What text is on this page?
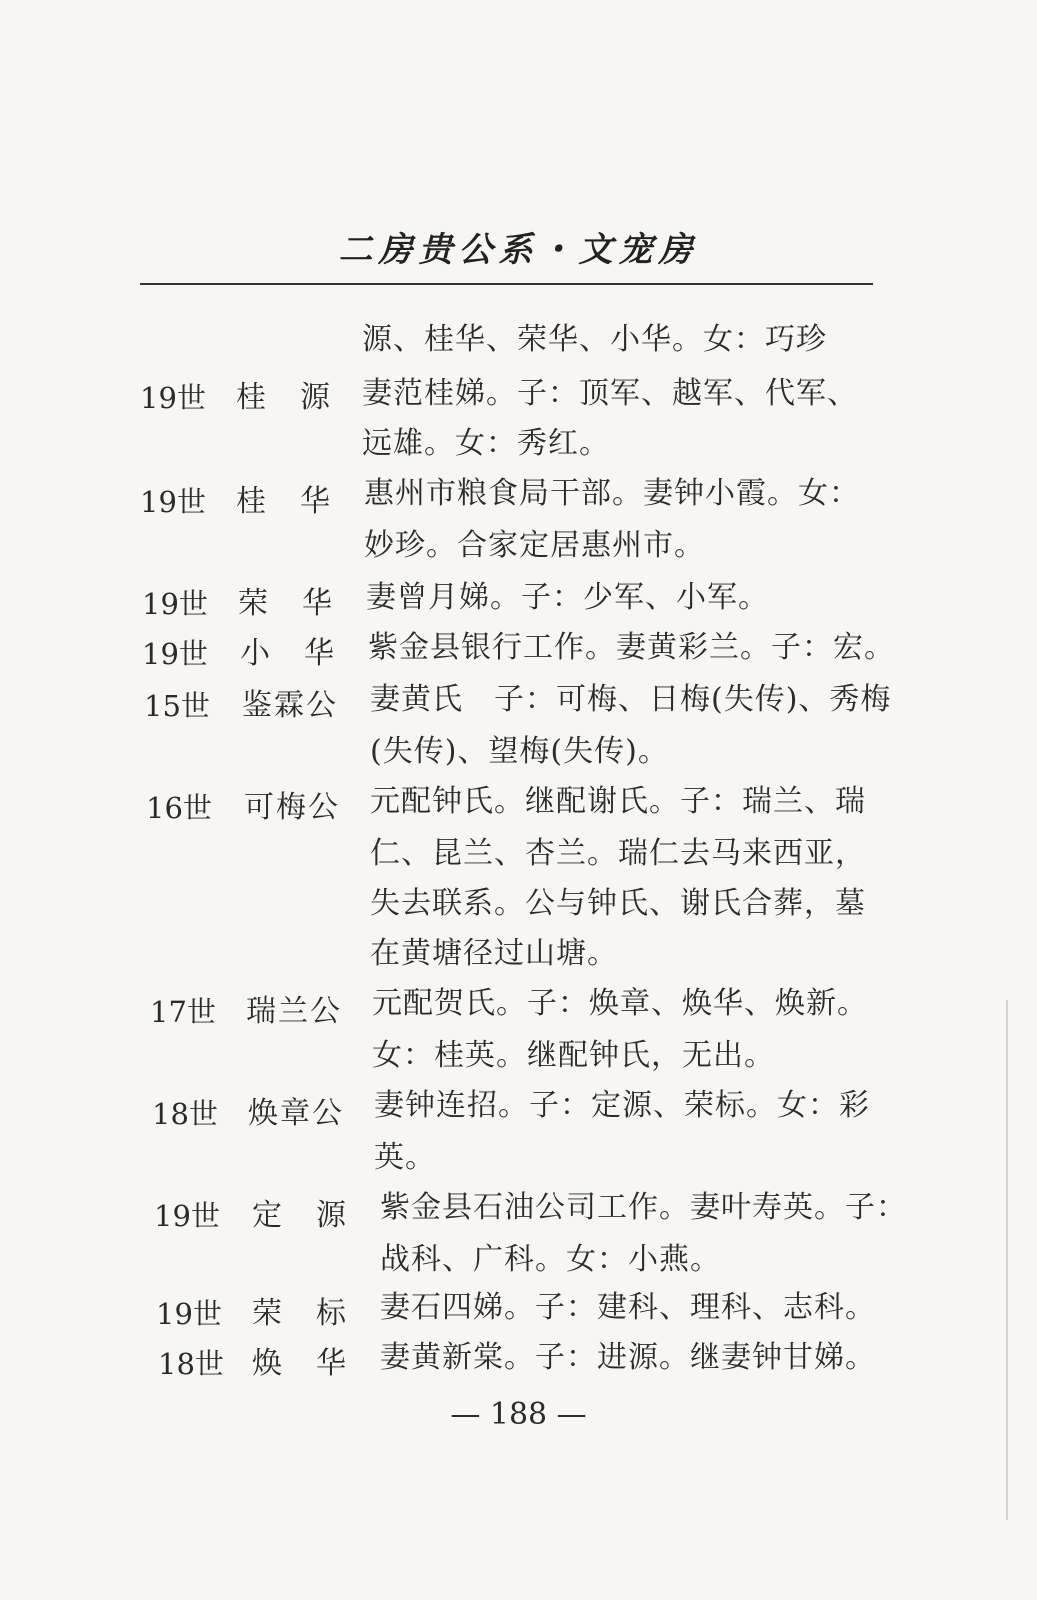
二房贵公系・文宠房
源、桂华、荣华、小华。女：巧珍
19世 桂　源 妻范桂娣。子：顶军、越军、代军、
远雄。女：秀红。
19世 桂　华 惠州市粮食局干部。妻钟小霞。女：
妙珍。合家定居惠州市。
19世 荣　华 妻曾月娣。子：少军、小军。
19世 小　华 紫金县银行工作。妻黄彩兰。子：宏。
15世 鉴霖公 妻黄氏　子：可梅、日梅(失传)、秀梅
(失传)、望梅(失传)。
16世 可梅公 元配钟氏。继配谢氏。子：瑞兰、瑞
仁、昆兰、杏兰。瑞仁去马来西亚，
失去联系。公与钟氏、谢氏合葬，墓
在黄塘径过山塘。
17世 瑞兰公 元配贺氏。子：焕章、焕华、焕新。
女：桂英。继配钟氏，无出。
18世 焕章公 妻钟连招。子：定源、荣标。女：彩
英。
19世 定　源 紫金县石油公司工作。妻叶寿英。子：
战科、广科。女：小燕。
19世 荣　标 妻石四娣。子：建科、理科、志科。
18世 焕　华 妻黄新棠。子：进源。继妻钟甘娣。
— 188 —
